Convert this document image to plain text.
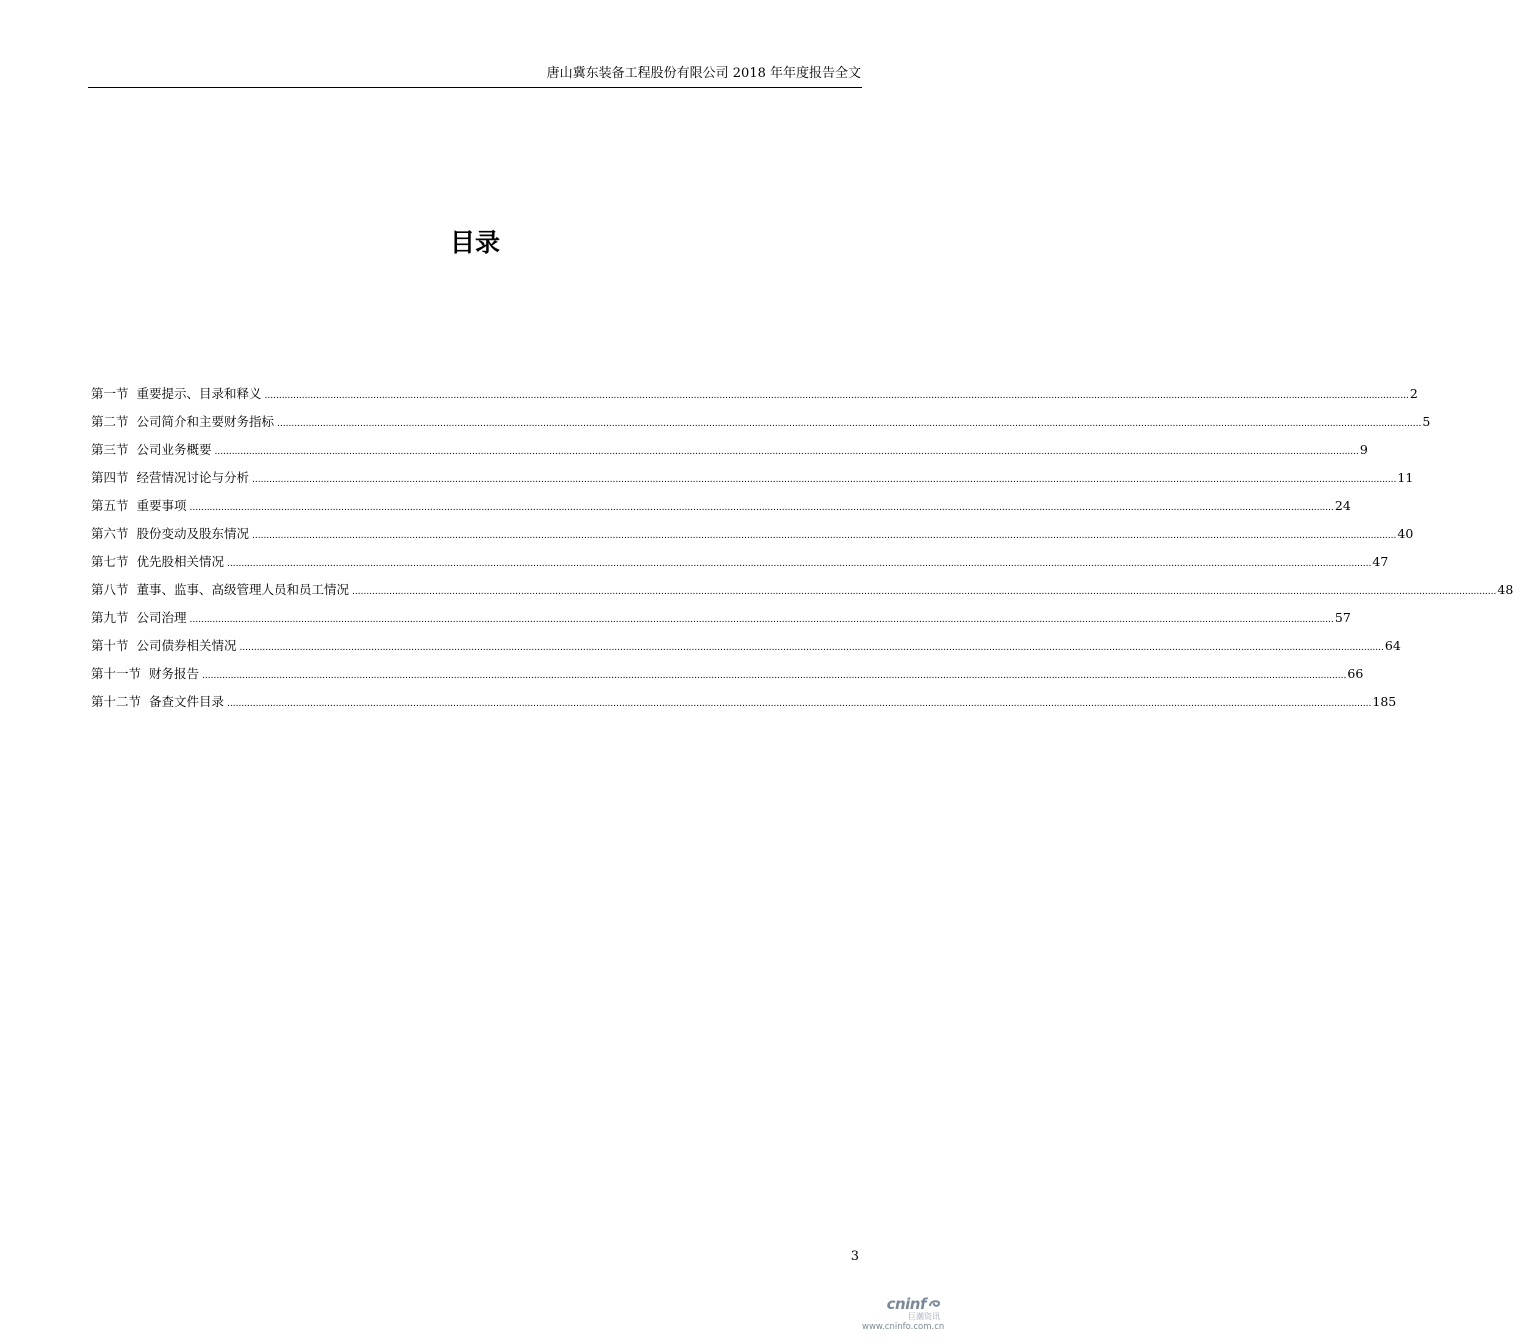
唐山冀东装备工程股份有限公司 2018 年年度报告全文
目录
第一节 重要提示、目录和释义 ................................................................................................................................................................................................................................................................................................................................................................................................................ 2
第二节 公司简介和主要财务指标 ................................................................................................................................................................................................................................................................................................................................................................................................................ 5
第三节 公司业务概要 ................................................................................................................................................................................................................................................................................................................................................................................................................ 9
第四节 经营情况讨论与分析 ................................................................................................................................................................................................................................................................................................................................................................................................................ 11
第五节 重要事项 ................................................................................................................................................................................................................................................................................................................................................................................................................ 24
第六节 股份变动及股东情况 ................................................................................................................................................................................................................................................................................................................................................................................................................ 40
第七节 优先股相关情况 ................................................................................................................................................................................................................................................................................................................................................................................................................ 47
第八节 董事、监事、高级管理人员和员工情况 ................................................................................................................................................................................................................................................................................................................................................................................................................ 48
第九节 公司治理 ................................................................................................................................................................................................................................................................................................................................................................................................................ 57
第十节 公司债券相关情况 ................................................................................................................................................................................................................................................................................................................................................................................................................ 64
第十一节 财务报告 ................................................................................................................................................................................................................................................................................................................................................................................................................ 66
第十二节 备查文件目录 ................................................................................................................................................................................................................................................................................................................................................................................................................ 185
3
cninf
巨潮资讯
www.cninfo.com.cn
